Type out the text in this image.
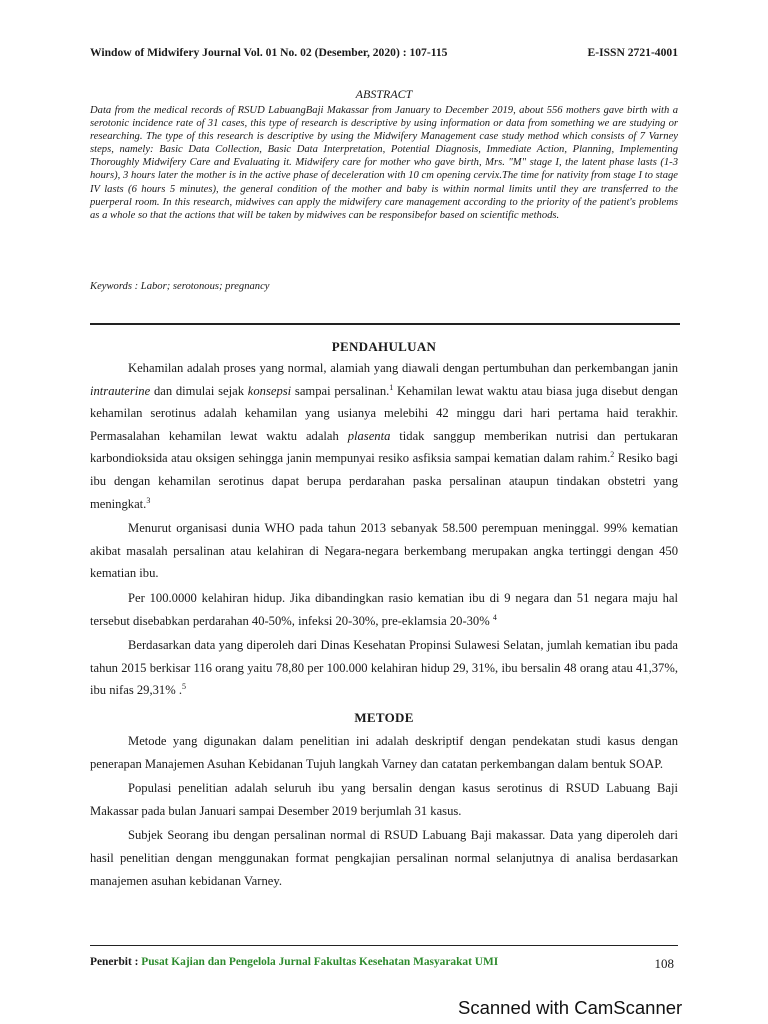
Window of Midwifery Journal Vol. 01 No. 02 (Desember, 2020) : 107-115	E-ISSN 2721-4001
ABSTRACT

Data from the medical records of RSUD LabuangBaji Makassar from January to December 2019, about 556 mothers gave birth with a serotonic incidence rate of 31 cases, this type of research is descriptive by using information or data from something we are studying or researching. The type of this research is descriptive by using the Midwifery Management case study method which consists of 7 Varney steps, namely: Basic Data Collection, Basic Data Interpretation, Potential Diagnosis, Immediate Action, Planning, Implementing Thoroughly Midwifery Care and Evaluating it. Midwifery care for mother who gave birth, Mrs. "M" stage I, the latent phase lasts (1-3 hours), 3 hours later the mother is in the active phase of deceleration with 10 cm opening cervix.The time for nativity from stage I to stage IV lasts (6 hours 5 minutes), the general condition of the mother and baby is within normal limits until they are transferred to the puerperal room. In this research, midwives can apply the midwifery care management according to the priority of the patient's problems as a whole so that the actions that will be taken by midwives can be responsibefor based on scientific methods.

Keywords : Labor; serotonous; pregnancy
PENDAHULUAN

Kehamilan adalah proses yang normal, alamiah yang diawali dengan pertumbuhan dan perkembangan janin intrauterine dan dimulai sejak konsepsi sampai persalinan.$^1$ Kehamilan lewat waktu atau biasa juga disebut dengan kehamilan serotinus adalah kehamilan yang usianya melebihi 42 minggu dari hari pertama haid terakhir. Permasalahan kehamilan lewat waktu adalah plasenta tidak sanggup memberikan nutrisi dan pertukaran karbondioksida atau oksigen sehingga janin mempunyai resiko asfiksia sampai kematian dalam rahim.$^2$ Resiko bagi ibu dengan kehamilan serotinus dapat berupa perdarahan paska persalinan ataupun tindakan obstetri yang meningkat.$^3$

Menurut organisasi dunia WHO pada tahun 2013 sebanyak 58.500 perempuan meninggal. 99% kematian akibat masalah persalinan atau kelahiran di Negara-negara berkembang merupakan angka tertinggi dengan 450 kematian ibu.

Per 100.0000 kelahiran hidup. Jika dibandingkan rasio kematian ibu di 9 negara dan 51 negara maju hal tersebut disebabkan perdarahan 40-50%, infeksi 20-30%, pre-eklamsia 20-30% $^4$

Berdasarkan data yang diperoleh dari Dinas Kesehatan Propinsi Sulawesi Selatan, jumlah kematian ibu pada tahun 2015 berkisar 116 orang yaitu 78,80 per 100.000 kelahiran hidup 29, 31%, ibu bersalin 48 orang atau 41,37%, ibu nifas 29,31% .$^5$

METODE

Metode yang digunakan dalam penelitian ini adalah deskriptif dengan pendekatan studi kasus dengan penerapan Manajemen Asuhan Kebidanan Tujuh langkah Varney dan catatan perkembangan dalam bentuk SOAP.

Populasi penelitian adalah seluruh ibu yang bersalin dengan kasus serotinus di RSUD Labuang Baji Makassar pada bulan Januari sampai Desember 2019 berjumlah 31 kasus.

Subjek Seorang ibu dengan persalinan normal di RSUD Labuang Baji makassar. Data yang diperoleh dari hasil penelitian dengan menggunakan format pengkajian persalinan normal selanjutnya di analisa berdasarkan manajemen asuhan kebidanan Varney.

Penerbit : Pusat Kajian dan Pengelola Jurnal Fakultas Kesehatan Masyarakat UMI	108
Scanned with CamScanner
